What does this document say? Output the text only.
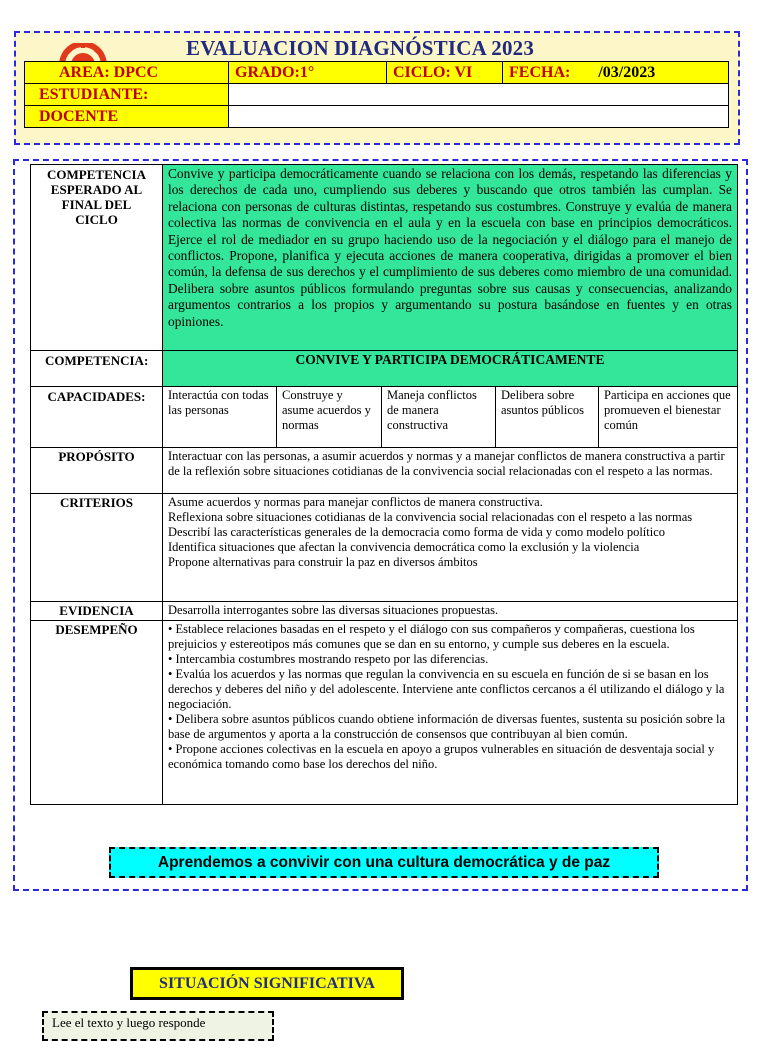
EVALUACION DIAGNÓSTICA 2023
AREA: DPCC	GRADO:1°	CICLO: VI	FECHA: /03/2023
ESTUDIANTE:			
DOCENTE			
COMPETENCIA ESPERADO AL FINAL DEL CICLO	Convive y participa democráticamente cuando se relaciona con los demás, respetando las diferencias y los derechos de cada uno, cumpliendo sus deberes y buscando que otros también las cumplan. Se relaciona con personas de culturas distintas, respetando sus costumbres. Construye y evalúa de manera colectiva las normas de convivencia en el aula y en la escuela con base en principios democráticos. Ejerce el rol de mediador en su grupo haciendo uso de la negociación y el diálogo para el manejo de conflictos. Propone, planifica y ejecuta acciones de manera cooperativa, dirigidas a promover el bien común, la defensa de sus derechos y el cumplimiento de sus deberes como miembro de una comunidad. Delibera sobre asuntos públicos formulando preguntas sobre sus causas y consecuencias, analizando argumentos contrarios a los propios y argumentando su postura basándose en fuentes y en otras opiniones.				
COMPETENCIA:	CONVIVE Y PARTICIPA DEMOCRÁTICAMENTE				
CAPACIDADES:	Interactúa con todas las personas	Construye y asume acuerdos y normas	Maneja conflictos de manera constructiva	Delibera sobre asuntos públicos	Participa en acciones que promueven el bienestar común
PROPÓSITO	Interactuar con las personas, a asumir acuerdos y normas y a manejar conflictos de manera constructiva a partir de la reflexión sobre situaciones cotidianas de la convivencia social relacionadas con el respeto a las normas.				
CRITERIOS	Asume acuerdos y normas para manejar conflictos de manera constructiva.
Reflexiona sobre situaciones cotidianas de la convivencia social relacionadas con el respeto a las normas
Describí las características generales de la democracia como forma de vida y como modelo político
Identifica situaciones que afectan la convivencia democrática como la exclusión y la violencia
Propone alternativas para construir la paz en diversos ámbitos				

EVIDENCIA	Desarrolla interrogantes sobre las diversas situaciones propuestas.				
DESEMPEÑO	• Establece relaciones basadas en el respeto y el diálogo con sus compañeros y compañeras, cuestiona los prejuicios y estereotipos más comunes que se dan en su entorno, y cumple sus deberes en la escuela.
• Intercambia costumbres mostrando respeto por las diferencias.
• Evalúa los acuerdos y las normas que regulan la convivencia en su escuela en función de si se basan en los derechos y deberes del niño y del adolescente. Interviene ante conflictos cercanos a él utilizando el diálogo y la negociación.
• Delibera sobre asuntos públicos cuando obtiene información de diversas fuentes, sustenta su posición sobre la base de argumentos y aporta a la construcción de consensos que contribuyan al bien común.
• Propone acciones colectivas en la escuela en apoyo a grupos vulnerables en situación de desventaja social y económica tomando como base los derechos del niño.				
Aprendemos a convivir con una cultura democrática y de paz
SITUACIÓN SIGNIFICATIVA
Lee el texto y luego responde
